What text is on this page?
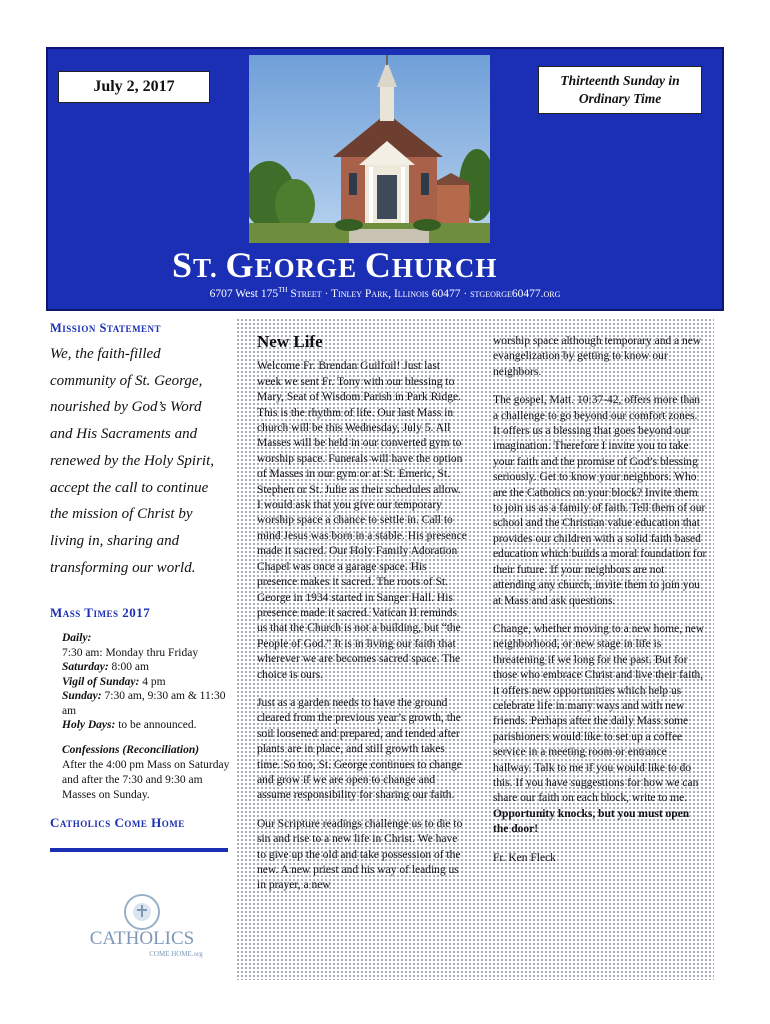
July 2, 2017	Thirteenth Sunday in
Ordinary Time
ST. GEORGE CHURCH
6707 West 175TH Street · Tinley Park, Illinois 60477 · stgeorge60477.org
Mission Statement
We, the faith-filled
community of St. George,
nourished by God’s Word
and His Sacraments and
renewed by the Holy Spirit,
accept the call to continue
the mission of Christ by
living in, sharing and
transforming our world.
Mass Times 2017
Daily:
7:30 am: Monday thru Friday
Saturday: 8:00 am
Vigil of Sunday: 4 pm
Sunday: 7:30 am, 9:30 am & 11:30 am
Holy Days: to be announced.
Confessions (Reconciliation)
After the 4:00 pm Mass on Saturday and after the 7:30 and 9:30 am Masses on Sunday.
Catholics Come Home
CATHOLICS
COME HOME.org
New Life

Welcome Fr. Brendan Guilfoil! Just last week we sent Fr. Tony with our blessing to Mary, Seat of Wisdom Parish in Park Ridge. This is the rhythm of life. Our last Mass in church will be this Wednesday, July 5. All Masses will be held in our converted gym to worship space. Funerals will have the option of Masses in our gym or at St. Emeric, St. Stephen or St. Julie as their schedules allow. I would ask that you give our temporary worship space a chance to settle in. Call to mind Jesus was born in a stable. His presence made it sacred. Our Holy Family Adoration Chapel was once a garage space. His presence makes it sacred. The roots of St. George in 1934 started in Sanger Hall. His presence made it sacred. Vatican II reminds us that the Church is not a building, but “the People of God.” It is in living our faith that wherever we are becomes sacred space. The choice is ours.

Just as a garden needs to have the ground cleared from the previous year’s growth, the soil loosened and prepared, and tended after plants are in place, and still growth takes time. So too, St. George continues to change and grow if we are open to change and assume responsibility for sharing our faith.

Our Scripture readings challenge us to die to sin and rise to a new life in Christ. We have to give up the old and take possession of the new. A new priest and his way of leading us in prayer, a new

worship space although temporary and a new evangelization by getting to know our neighbors.

The gospel, Matt. 10:37-42, offers more than a challenge to go beyond our comfort zones. It offers us a blessing that goes beyond our imagination. Therefore I invite you to take your faith and the promise of God’s blessing seriously. Get to know your neighbors. Who are the Catholics on your block? Invite them to join us as a family of faith. Tell them of our school and the Christian value education that provides our children with a solid faith based education which builds a moral foundation for their future. If your neighbors are not attending any church, invite them to join you at Mass and ask questions.

Change, whether moving to a new home, new neighborhood, or new stage in life is threatening if we long for the past. But for those who embrace Christ and live their faith, it offers new opportunities which help us celebrate life in many ways and with new friends. Perhaps after the daily Mass some parishioners would like to set up a coffee service in a meeting room or entrance hallway. Talk to me if you would like to do this. If you have suggestions for how we can share our faith on each block, write to me.

Opportunity knocks, but you must open the door!

Fr. Ken Fleck
